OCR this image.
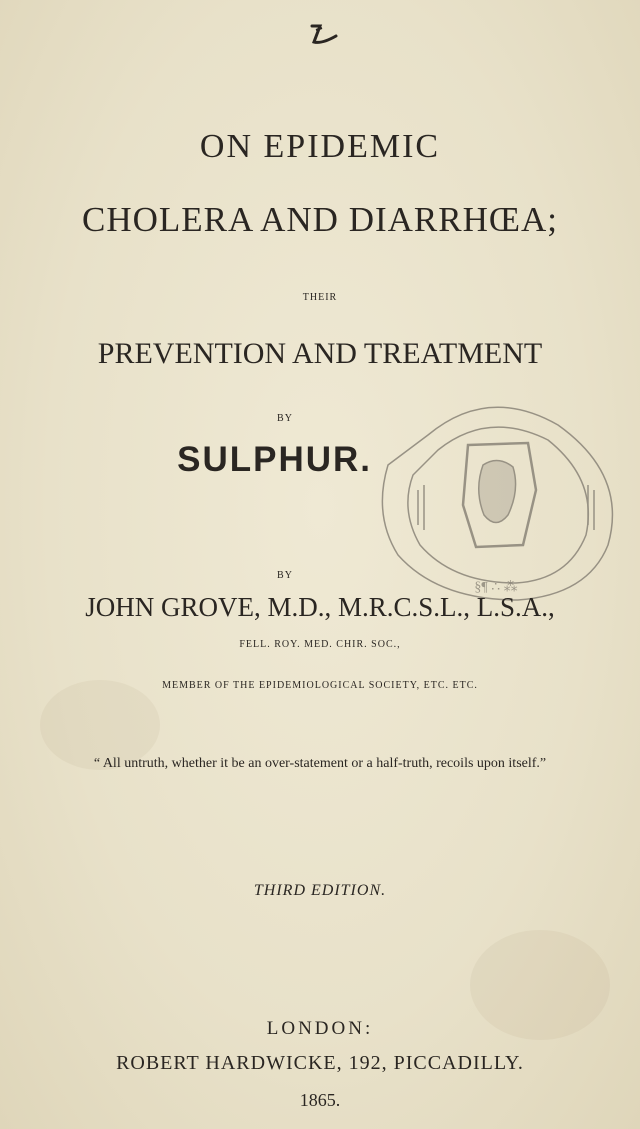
ON EPIDEMIC
CHOLERA AND DIARRHŒA;
THEIR
PREVENTION AND TREATMENT
BY
SULPHUR.
BY
§¶ ∴ ⁂
JOHN GROVE, M.D., M.R.C.S.L., L.S.A.,
FELL. ROY. MED. CHIR. SOC.,
MEMBER OF THE EPIDEMIOLOGICAL SOCIETY, ETC. ETC.
“ All untruth, whether it be an over-statement or a half-truth, recoils upon itself.”
THIRD EDITION.
LONDON:
ROBERT HARDWICKE, 192, PICCADILLY.
1865.
